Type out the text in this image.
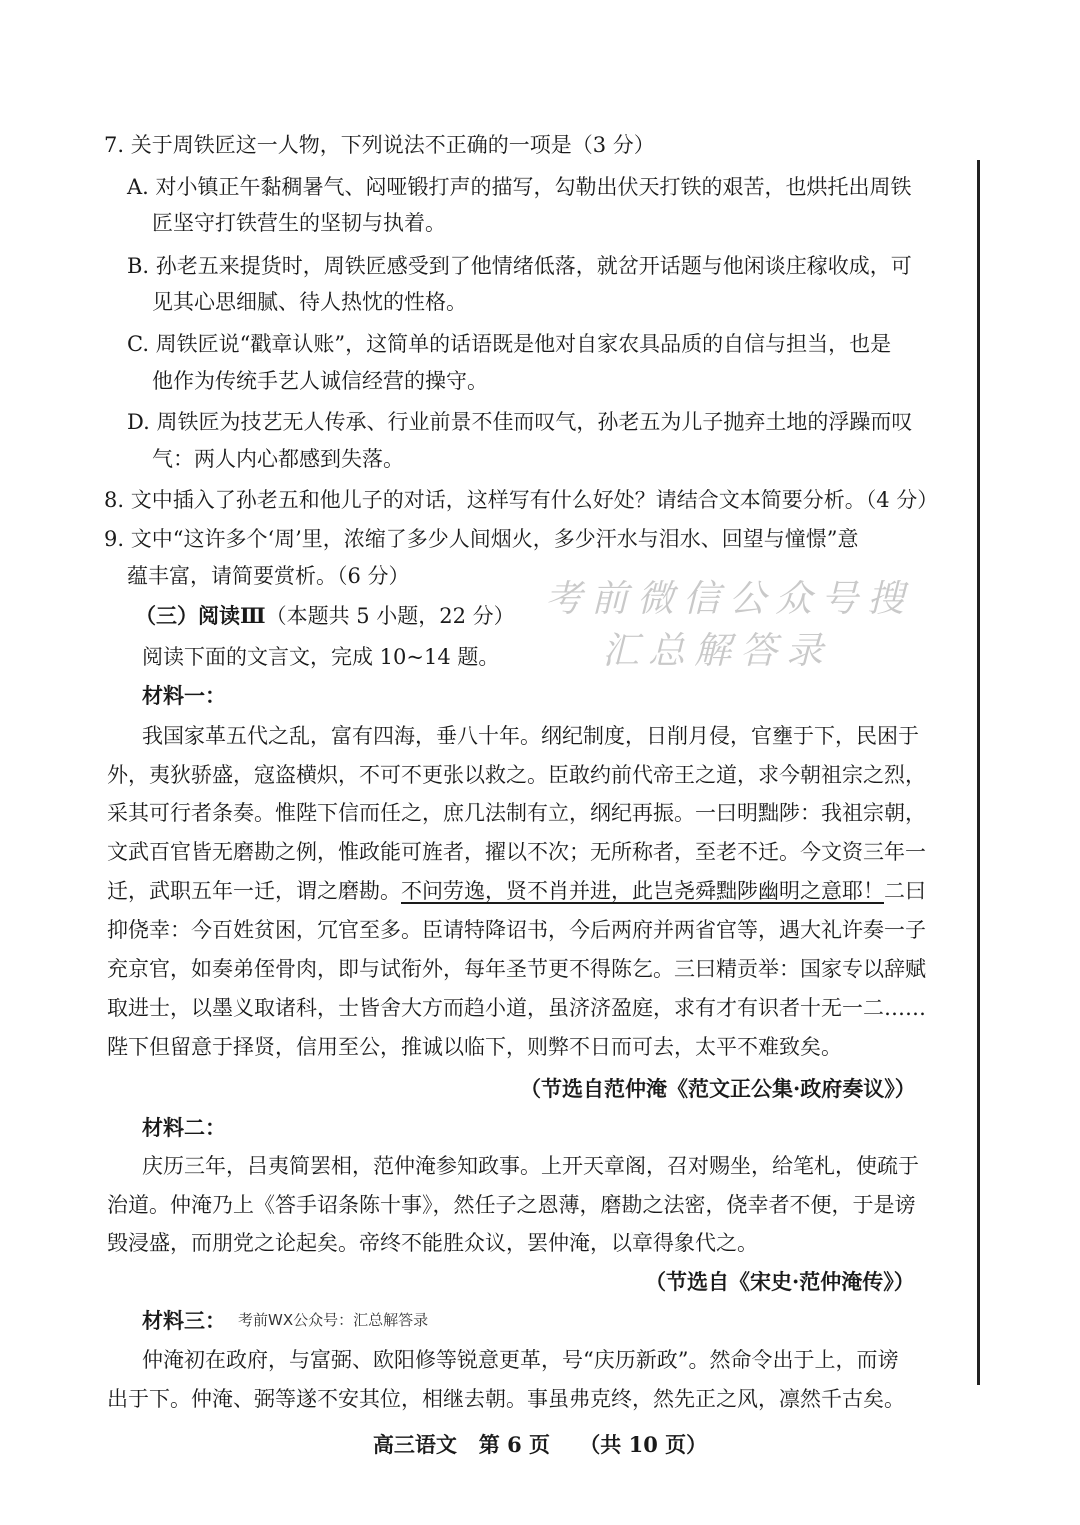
7. 关于周铁匠这一人物，下列说法不正确的一项是（3 分）
A. 对小镇正午黏稠暑气、闷哑锻打声的描写，勾勒出伏天打铁的艰苦，也烘托出周铁
匠坚守打铁营生的坚韧与执着。
B. 孙老五来提货时，周铁匠感受到了他情绪低落，就岔开话题与他闲谈庄稼收成，可
见其心思细腻、待人热忱的性格。
C. 周铁匠说“戳章认账”，这简单的话语既是他对自家农具品质的自信与担当，也是
他作为传统手艺人诚信经营的操守。
D. 周铁匠为技艺无人传承、行业前景不佳而叹气，孙老五为儿子抛弃土地的浮躁而叹
气：两人内心都感到失落。
8. 文中插入了孙老五和他儿子的对话，这样写有什么好处？请结合文本简要分析。（4 分）
9. 文中“这许多个‘周’里，浓缩了多少人间烟火，多少汗水与泪水、回望与憧憬”意
蕴丰富，请简要赏析。（6 分）
（三）阅读Ⅲ（本题共 5 小题，22 分）
阅读下面的文言文，完成 10~14 题。
材料一：
我国家革五代之乱，富有四海，垂八十年。纲纪制度，日削月侵，官壅于下，民困于
外，夷狄骄盛，寇盗横炽，不可不更张以救之。臣敢约前代帝王之道，求今朝祖宗之烈，
采其可行者条奏。惟陛下信而任之，庶几法制有立，纲纪再振。一曰明黜陟：我祖宗朝，
文武百官皆无磨勘之例，惟政能可旌者，擢以不次；无所称者，至老不迁。今文资三年一
迁，武职五年一迁，谓之磨勘。不问劳逸，贤不肖并进，此岂尧舜黜陟幽明之意耶！二曰
抑侥幸：今百姓贫困，冗官至多。臣请特降诏书，今后两府并两省官等，遇大礼许奏一子
充京官，如奏弟侄骨肉，即与试衔外，每年圣节更不得陈乞。三曰精贡举：国家专以辞赋
取进士，以墨义取诸科，士皆舍大方而趋小道，虽济济盈庭，求有才有识者十无一二……
陛下但留意于择贤，信用至公，推诚以临下，则弊不日而可去，太平不难致矣。
（节选自范仲淹《范文正公集·政府奏议》）
材料二：
庆历三年，吕夷简罢相，范仲淹参知政事。上开天章阁，召对赐坐，给笔札，使疏于
治道。仲淹乃上《答手诏条陈十事》，然任子之恩薄，磨勘之法密，侥幸者不便，于是谤
毁浸盛，而朋党之论起矣。帝终不能胜众议，罢仲淹，以章得象代之。
（节选自《宋史·范仲淹传》）
材料三： 考前WX公众号：汇总解答录
仲淹初在政府，与富弼、欧阳修等锐意更革，号“庆历新政”。然命令出于上，而谤
出于下。仲淹、弼等遂不安其位，相继去朝。事虽弗克终，然先正之风，凛然千古矣。
考前微信公众号搜
汇总解答录
高三语文   第 6 页    （共 10 页）
